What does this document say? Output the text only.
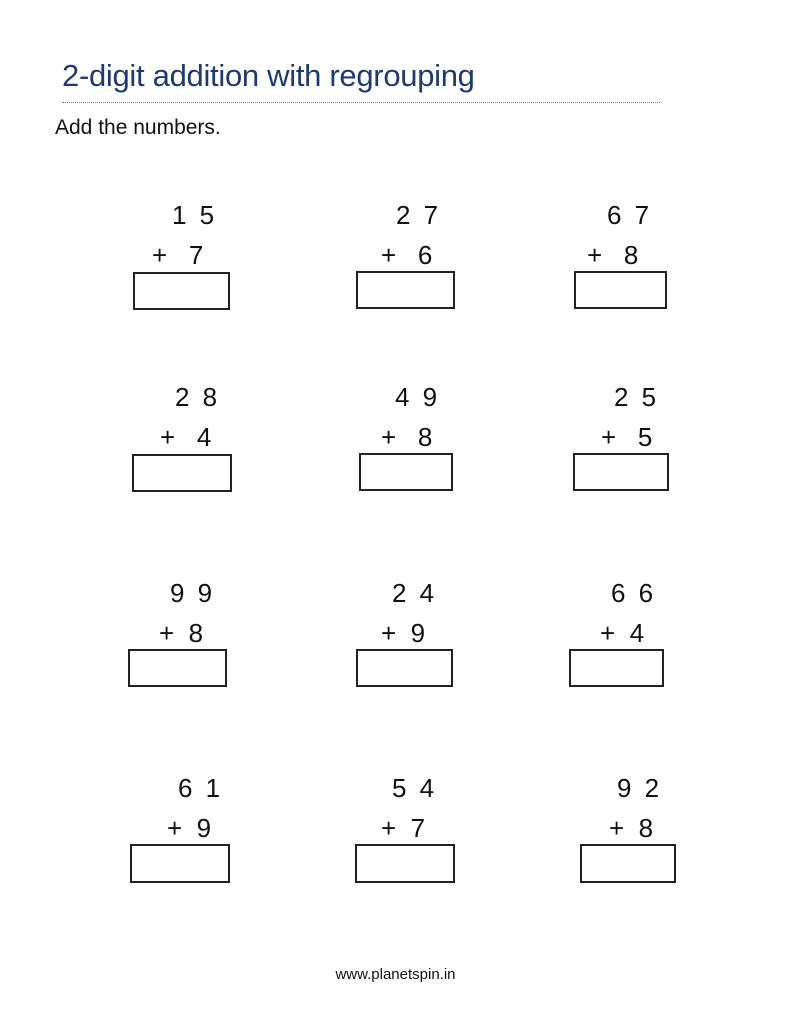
2-digit addition with regrouping
Add the numbers.
1 5
+   7
2 7
+   6
6 7
+   8
2 8
+   4
4 9
+   8
2 5
+   5
9 9
+  8
2 4
+  9
6 6
+  4
6 1
+  9
5 4
+  7
9 2
+  8
www.planetspin.in
